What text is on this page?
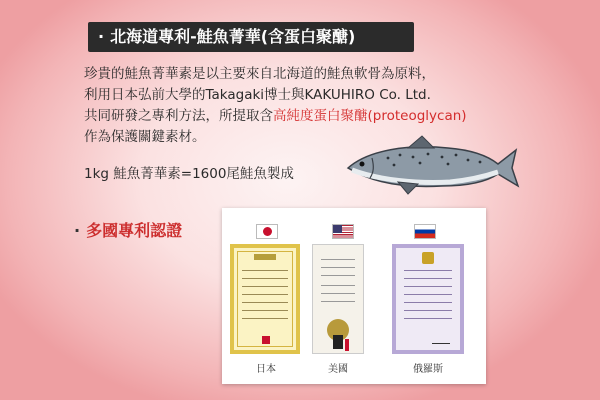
· 北海道專利-鮭魚菁華(含蛋白聚醣)
珍貴的鮭魚菁華素是以主要來自北海道的鮭魚軟骨為原料，
利用日本弘前大學的Takagaki博士與KAKUHIRO Co. Ltd.
共同研發之專利方法，所提取含高純度蛋白聚醣(proteoglycan)
作為保護關鍵素材。
1kg 鮭魚菁華素=1600尾鮭魚製成
· 多國專利認證
日本	美國	俄羅斯
